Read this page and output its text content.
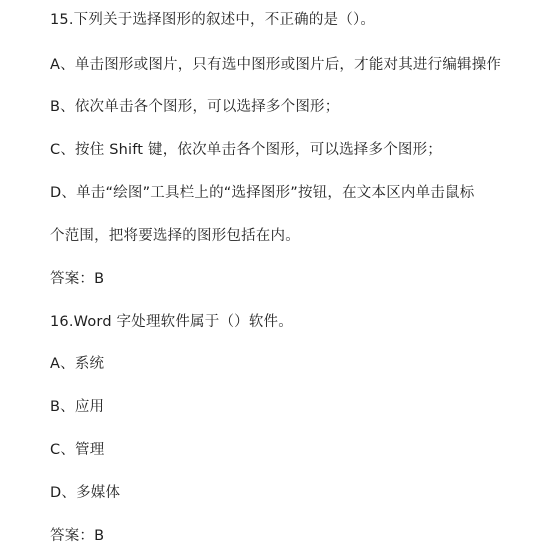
15.下列关于选择图形的叙述中，不正确的是（）。
A、单击图形或图片，只有选中图形或图片后，才能对其进行编辑操作
B、依次单击各个图形，可以选择多个图形；
C、按住 Shift 键，依次单击各个图形，可以选择多个图形；
D、单击“绘图”工具栏上的“选择图形”按钮，在文本区内单击鼠标
个范围，把将要选择的图形包括在内。
答案：B
16.Word 字处理软件属于（）软件。
A、系统
B、应用
C、管理
D、多媒体
答案：B
